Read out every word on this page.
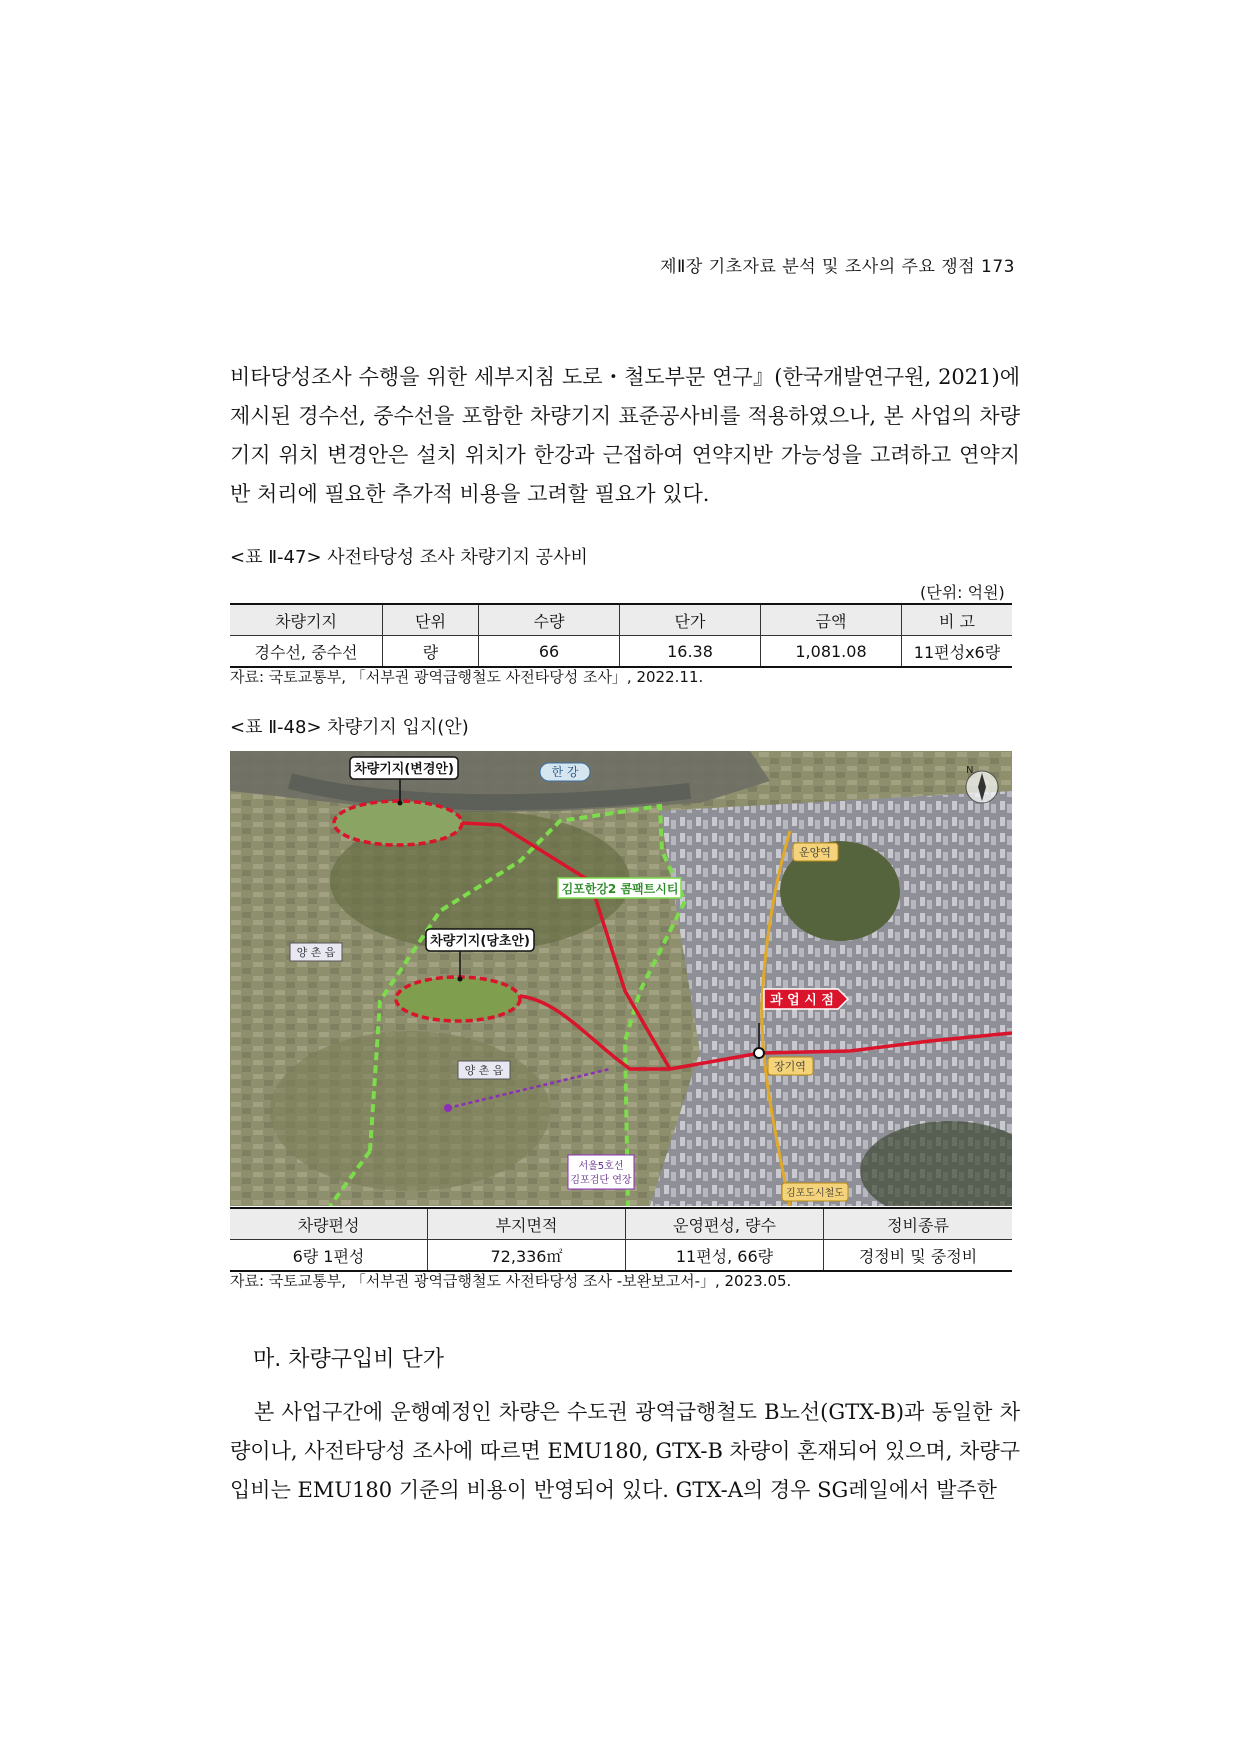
제Ⅱ장 기초자료 분석 및 조사의 주요 쟁점 173
비타당성조사 수행을 위한 세부지침 도로・철도부문 연구』(한국개발연구원, 2021)에 제시된 경수선, 중수선을 포함한 차량기지 표준공사비를 적용하였으나, 본 사업의 차량기지 위치 변경안은 설치 위치가 한강과 근접하여 연약지반 가능성을 고려하고 연약지반 처리에 필요한 추가적 비용을 고려할 필요가 있다.
<표 Ⅱ-47> 사전타당성 조사 차량기지 공사비
(단위: 억원)
차량기지	단위	수량	단가	금액	비 고
경수선, 중수선	량	66	16.38	1,081.08	11편성x6량
자료: 국토교통부, 「서부권 광역급행철도 사전타당성 조사」, 2022.11.
<표 Ⅱ-48> 차량기지 입지(안)
차량기지(변경안)
차량기지(당초안)
한 강
김포한강2 콤팩트시티
양 촌 읍
양 촌 읍
운양역
과 업 시 점
장기역
김포도시철도
서울5호선
김포검단 연장
N
차량편성	부지면적	운영편성, 량수	정비종류
6량 1편성	72,336㎡	11편성, 66량	경정비 및 중정비
자료: 국토교통부, 「서부권 광역급행철도 사전타당성 조사 -보완보고서-」, 2023.05.
마. 차량구입비 단가
본 사업구간에 운행예정인 차량은 수도권 광역급행철도 B노선(GTX-B)과 동일한 차량이나, 사전타당성 조사에 따르면 EMU180, GTX-B 차량이 혼재되어 있으며, 차량구입비는 EMU180 기준의 비용이 반영되어 있다. GTX-A의 경우 SG레일에서 발주한
